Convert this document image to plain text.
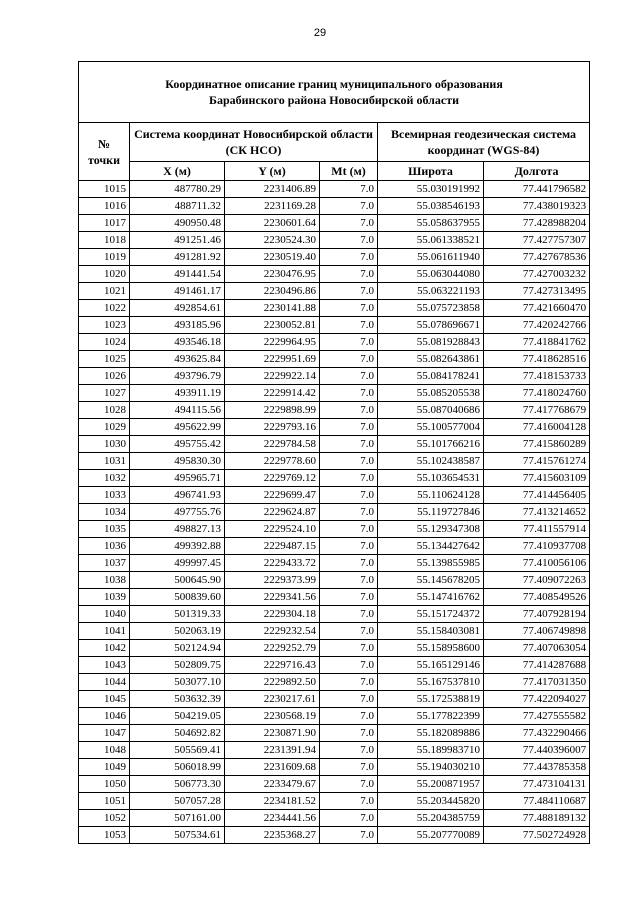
29
Координатное описание границ муниципального образования
Барабинского района Новосибирской области					

№
точки	Система координат Новосибирской области (СК НСО)			Всемирная геодезическая система координат (WGS-84)	
	X (м)	Y (м)	Mt (м)	Широта	Долгота
1015	487780.29	2231406.89	7.0	55.030191992	77.441796582
1016	488711.32	2231169.28	7.0	55.038546193	77.438019323
1017	490950.48	2230601.64	7.0	55.058637955	77.428988204
1018	491251.46	2230524.30	7.0	55.061338521	77.427757307
1019	491281.92	2230519.40	7.0	55.061611940	77.427678536
1020	491441.54	2230476.95	7.0	55.063044080	77.427003232
1021	491461.17	2230496.86	7.0	55.063221193	77.427313495
1022	492854.61	2230141.88	7.0	55.075723858	77.421660470
1023	493185.96	2230052.81	7.0	55.078696671	77.420242766
1024	493546.18	2229964.95	7.0	55.081928843	77.418841762
1025	493625.84	2229951.69	7.0	55.082643861	77.418628516
1026	493796.79	2229922.14	7.0	55.084178241	77.418153733
1027	493911.19	2229914.42	7.0	55.085205538	77.418024760
1028	494115.56	2229898.99	7.0	55.087040686	77.417768679
1029	495622.99	2229793.16	7.0	55.100577004	77.416004128
1030	495755.42	2229784.58	7.0	55.101766216	77.415860289
1031	495830.30	2229778.60	7.0	55.102438587	77.415761274
1032	495965.71	2229769.12	7.0	55.103654531	77.415603109
1033	496741.93	2229699.47	7.0	55.110624128	77.414456405
1034	497755.76	2229624.87	7.0	55.119727846	77.413214652
1035	498827.13	2229524.10	7.0	55.129347308	77.411557914
1036	499392.88	2229487.15	7.0	55.134427642	77.410937708
1037	499997.45	2229433.72	7.0	55.139855985	77.410056106
1038	500645.90	2229373.99	7.0	55.145678205	77.409072263
1039	500839.60	2229341.56	7.0	55.147416762	77.408549526
1040	501319.33	2229304.18	7.0	55.151724372	77.407928194
1041	502063.19	2229232.54	7.0	55.158403081	77.406749898
1042	502124.94	2229252.79	7.0	55.158958600	77.407063054
1043	502809.75	2229716.43	7.0	55.165129146	77.414287688
1044	503077.10	2229892.50	7.0	55.167537810	77.417031350
1045	503632.39	2230217.61	7.0	55.172538819	77.422094027
1046	504219.05	2230568.19	7.0	55.177822399	77.427555582
1047	504692.82	2230871.90	7.0	55.182089886	77.432290466
1048	505569.41	2231391.94	7.0	55.189983710	77.440396007
1049	506018.99	2231609.68	7.0	55.194030210	77.443785358
1050	506773.30	2233479.67	7.0	55.200871957	77.473104131
1051	507057.28	2234181.52	7.0	55.203445820	77.484110687
1052	507161.00	2234441.56	7.0	55.204385759	77.488189132
1053	507534.61	2235368.27	7.0	55.207770089	77.502724928
